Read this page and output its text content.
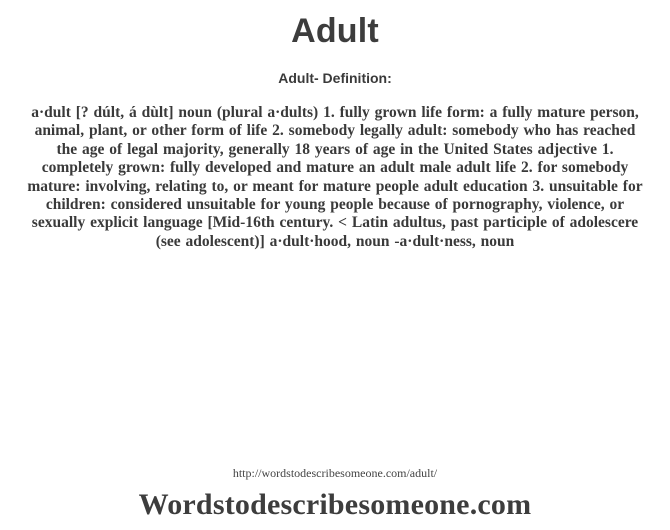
Adult
Adult- Definition:
a·dult [? dúlt, á dùlt] noun (plural a·dults) 1. fully grown life form: a fully mature person, animal, plant, or other form of life 2. somebody legally adult: somebody who has reached the age of legal majority, generally 18 years of age in the United States adjective 1. completely grown: fully developed and mature an adult male adult life 2. for somebody mature: involving, relating to, or meant for mature people adult education 3. unsuitable for children: considered unsuitable for young people because of pornography, violence, or sexually explicit language [Mid-16th century. < Latin adultus, past participle of adolescere (see adolescent)] a·dult·hood, noun -a·dult·ness, noun
http://wordstodescribesomeone.com/adult/
Wordstodescribesomeone.com
